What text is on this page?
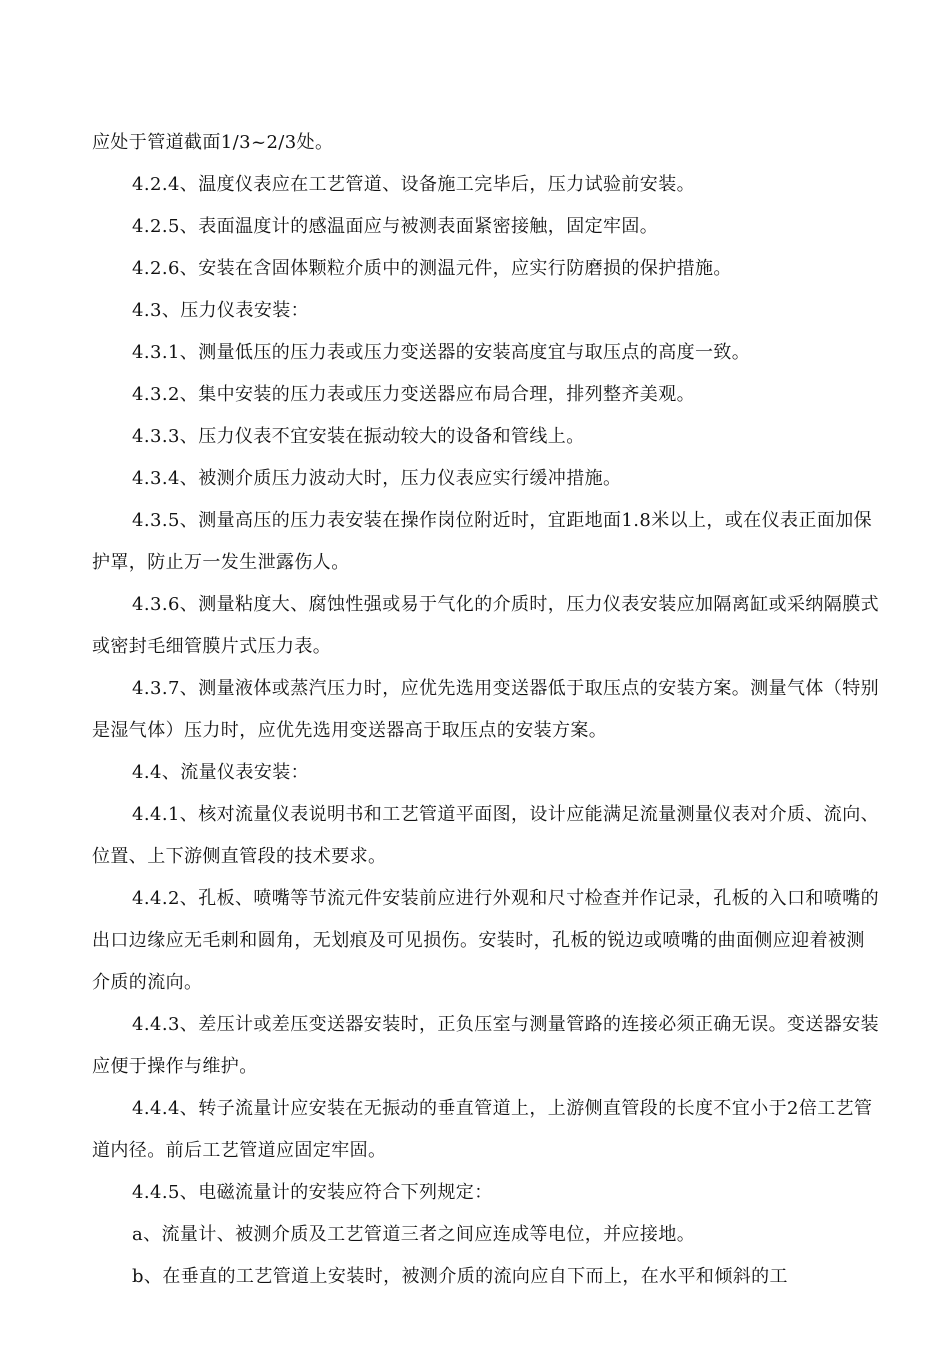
应处于管道截面1/3~2/3处。

4.2.4、温度仪表应在工艺管道、设备施工完毕后，压力试验前安装。

4.2.5、表面温度计的感温面应与被测表面紧密接触，固定牢固。

4.2.6、安装在含固体颗粒介质中的测温元件，应实行防磨损的保护措施。

4.3、压力仪表安装：

4.3.1、测量低压的压力表或压力变送器的安装高度宜与取压点的高度一致。

4.3.2、集中安装的压力表或压力变送器应布局合理，排列整齐美观。

4.3.3、压力仪表不宜安装在振动较大的设备和管线上。

4.3.4、被测介质压力波动大时，压力仪表应实行缓冲措施。

4.3.5、测量高压的压力表安装在操作岗位附近时，宜距地面1.8米以上，或在仪表正面加保护罩，防止万一发生泄露伤人。

4.3.6、测量粘度大、腐蚀性强或易于气化的介质时，压力仪表安装应加隔离缸或采纳隔膜式或密封毛细管膜片式压力表。

4.3.7、测量液体或蒸汽压力时，应优先选用变送器低于取压点的安装方案。测量气体（特别是湿气体）压力时，应优先选用变送器高于取压点的安装方案。

4.4、流量仪表安装：

4.4.1、核对流量仪表说明书和工艺管道平面图，设计应能满足流量测量仪表对介质、流向、位置、上下游侧直管段的技术要求。

4.4.2、孔板、喷嘴等节流元件安装前应进行外观和尺寸检查并作记录，孔板的入口和喷嘴的出口边缘应无毛刺和圆角，无划痕及可见损伤。安装时，孔板的锐边或喷嘴的曲面侧应迎着被测介质的流向。

4.4.3、差压计或差压变送器安装时，正负压室与测量管路的连接必须正确无误。变送器安装应便于操作与维护。

4.4.4、转子流量计应安装在无振动的垂直管道上，上游侧直管段的长度不宜小于2倍工艺管道内径。前后工艺管道应固定牢固。

4.4.5、电磁流量计的安装应符合下列规定：

a、流量计、被测介质及工艺管道三者之间应连成等电位，并应接地。

b、在垂直的工艺管道上安装时，被测介质的流向应自下而上，在水平和倾斜的工
